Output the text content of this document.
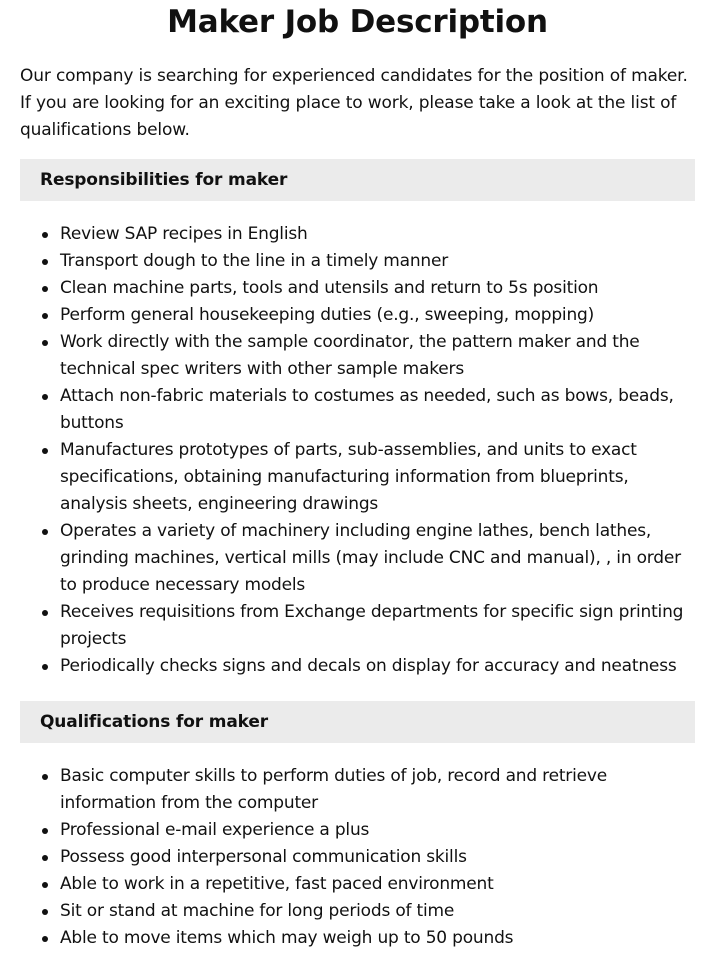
Maker Job Description

Our company is searching for experienced candidates for the position of maker. If you are looking for an exciting place to work, please take a look at the list of qualifications below.

Responsibilities for maker
Review SAP recipes in English
Transport dough to the line in a timely manner
Clean machine parts, tools and utensils and return to 5s position
Perform general housekeeping duties (e.g., sweeping, mopping)
Work directly with the sample coordinator, the pattern maker and the technical spec writers with other sample makers
Attach non-fabric materials to costumes as needed, such as bows, beads, buttons
Manufactures prototypes of parts, sub-assemblies, and units to exact specifications, obtaining manufacturing information from blueprints, analysis sheets, engineering drawings
Operates a variety of machinery including engine lathes, bench lathes, grinding machines, vertical mills (may include CNC and manual), , in order to produce necessary models
Receives requisitions from Exchange departments for specific sign printing projects
Periodically checks signs and decals on display for accuracy and neatness
Qualifications for maker
Basic computer skills to perform duties of job, record and retrieve information from the computer
Professional e-mail experience a plus
Possess good interpersonal communication skills
Able to work in a repetitive, fast paced environment
Sit or stand at machine for long periods of time
Able to move items which may weigh up to 50 pounds
